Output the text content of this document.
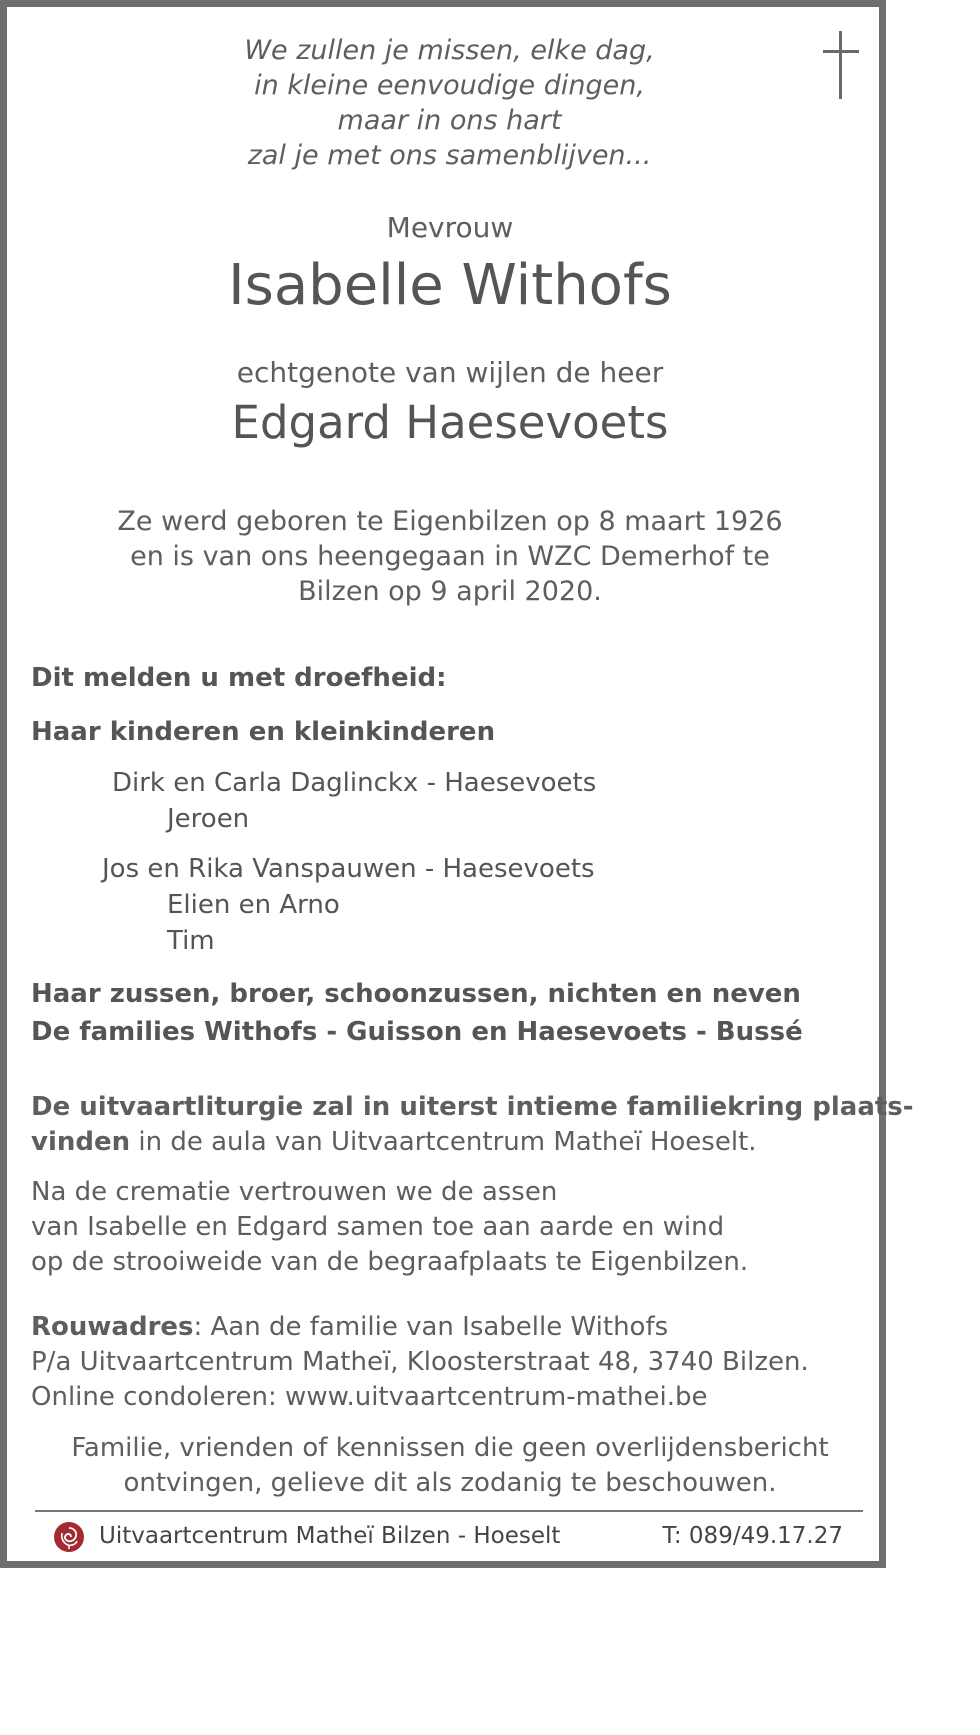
We zullen je missen, elke dag,
in kleine eenvoudige dingen,
maar in ons hart
zal je met ons samenblijven...
Mevrouw
Isabelle Withofs
echtgenote van wijlen de heer
Edgard Haesevoets
Ze werd geboren te Eigenbilzen op 8 maart 1926
en is van ons heengegaan in WZC Demerhof te
Bilzen op 9 april 2020.
Dit melden u met droefheid:
Haar kinderen en kleinkinderen
Dirk en Carla Daglinckx - Haesevoets
Jeroen
Jos en Rika Vanspauwen - Haesevoets
Elien en Arno
Tim
Haar zussen, broer, schoonzussen, nichten en neven
De families Withofs - Guisson en Haesevoets - Bussé
De uitvaartliturgie zal in uiterst intieme familiekring plaats-
vinden in de aula van Uitvaartcentrum Matheï Hoeselt.
Na de crematie vertrouwen we de assen
van Isabelle en Edgard samen toe aan aarde en wind
op de strooiweide van de begraafplaats te Eigenbilzen.
Rouwadres: Aan de familie van Isabelle Withofs
P/a Uitvaartcentrum Matheï, Kloosterstraat 48, 3740 Bilzen.
Online condoleren: www.uitvaartcentrum-mathei.be
Familie, vrienden of kennissen die geen overlijdensbericht
ontvingen, gelieve dit als zodanig te beschouwen.
Uitvaartcentrum Matheï Bilzen - Hoeselt	T: 089/49.17.27
